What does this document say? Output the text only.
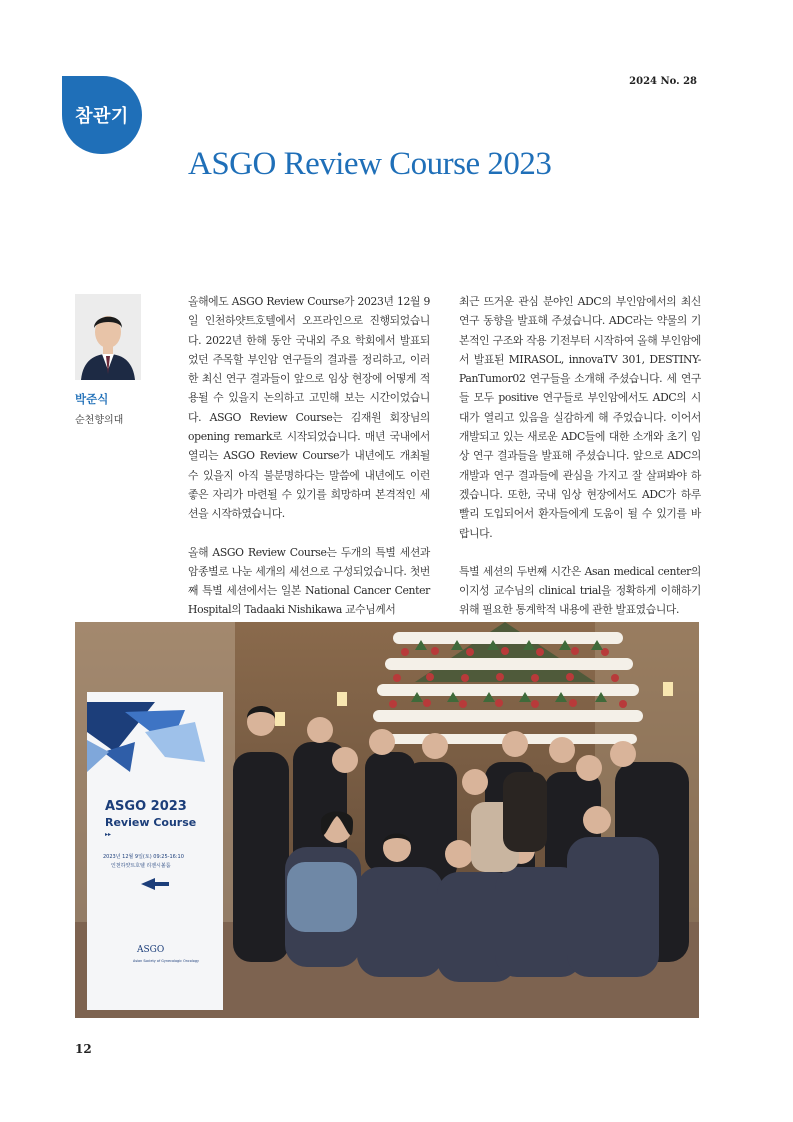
참관기
2024 No. 28
ASGO Review Course 2023
박준식
순천향의대

올해에도 ASGO Review Course가 2023년 12월 9일 인천하얏트호텔에서 오프라인으로 진행되었습니다. 2022년 한해 동안 국내외 주요 학회에서 발표되었던 주목할 부인암 연구들의 결과를 정리하고, 이러한 최신 연구 결과들이 앞으로 임상 현장에 어떻게 적용될 수 있을지 논의하고 고민해 보는 시간이었습니다. ASGO Review Course는 김재원 회장님의 opening remark로 시작되었습니다. 매년 국내에서 열리는 ASGO Review Course가 내년에도 개최될 수 있을지 아직 불분명하다는 말씀에 내년에도 이런 좋은 자리가 마련될 수 있기를 희망하며 본격적인 세션을 시작하였습니다.

올해 ASGO Review Course는 두개의 특별 세션과 암종별로 나눈 세개의 세션으로 구성되었습니다. 첫번째 특별 세션에서는 일본 National Cancer Center Hospital의 Tadaaki Nishikawa 교수님께서

최근 뜨거운 관심 분야인 ADC의 부인암에서의 최신 연구 동향을 발표해 주셨습니다. ADC라는 약물의 기본적인 구조와 작용 기전부터 시작하여 올해 부인암에서 발표된 MIRASOL, innovaTV 301, DESTINY-PanTumor02 연구들을 소개해 주셨습니다. 세 연구들 모두 positive 연구들로 부인암에서도 ADC의 시대가 열리고 있음을 실감하게 해 주었습니다. 이어서 개발되고 있는 새로운 ADC들에 대한 소개와 초기 임상 연구 결과들을 발표해 주셨습니다. 앞으로 ADC의 개발과 연구 결과들에 관심을 가지고 잘 살펴봐야 하겠습니다. 또한, 국내 임상 현장에서도 ADC가 하루 빨리 도입되어서 환자들에게 도움이 될 수 있기를 바랍니다.

특별 세션의 두번째 시간은 Asan medical center의 이지성 교수님의 clinical trial을 정확하게 이해하기 위해 필요한 통계학적 내용에 관한 발표였습니다.

ASGO 2023
Review Course
▸▸
2023년 12월 9일(토) 09:25-16:10
인천하얏트호텔 리젠시볼룸
ASGO
Asian Society of Gynecologic Oncology
12
